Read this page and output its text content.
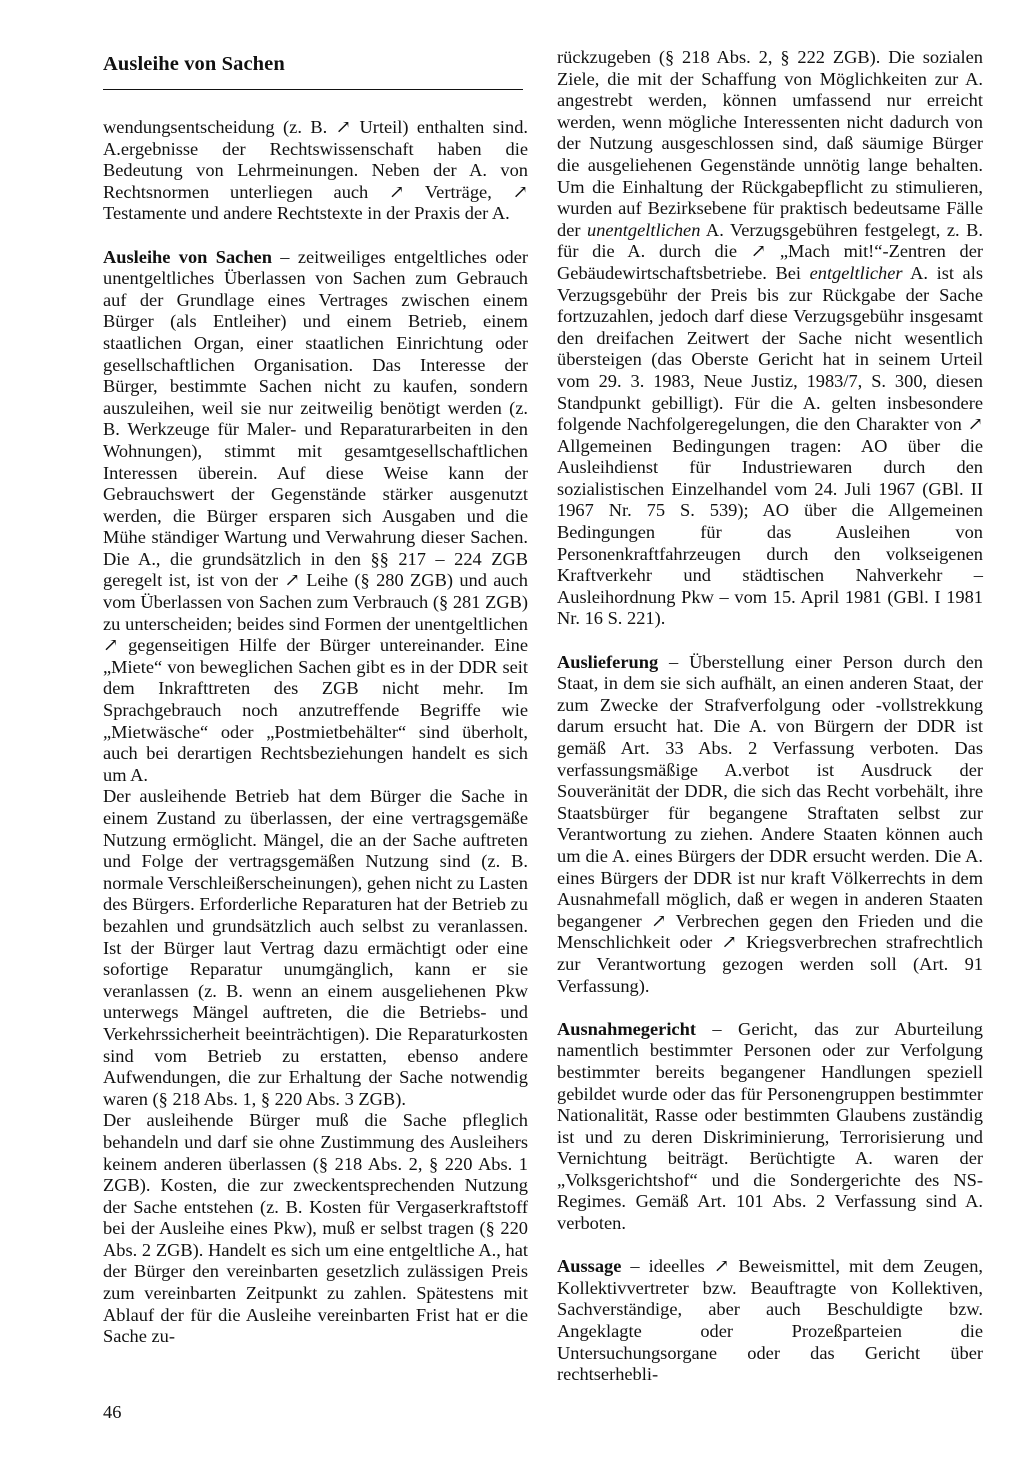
Ausleihe von Sachen

wendungsentscheidung (z. B. ↗ Urteil) enthalten sind. A.ergebnisse der Rechtswissenschaft haben die Bedeutung von Lehrmeinungen. Neben der A. von Rechtsnormen unterliegen auch ↗ Verträge, ↗ Testamente und andere Rechtstexte in der Praxis der A.

Ausleihe von Sachen – zeitweiliges entgeltliches oder unentgeltliches Überlassen von Sachen zum Gebrauch auf der Grundlage eines Vertrages zwischen einem Bürger (als Entleiher) und einem Betrieb, einem staatlichen Organ, einer staatlichen Einrichtung oder gesellschaftlichen Organisation. Das Interesse der Bürger, bestimmte Sachen nicht zu kaufen, sondern auszuleihen, weil sie nur zeitweilig benötigt werden (z. B. Werkzeuge für Maler- und Reparaturarbeiten in den Wohnungen), stimmt mit gesamtgesellschaftlichen Interessen überein. Auf diese Weise kann der Gebrauchswert der Gegenstände stärker ausgenutzt werden, die Bürger ersparen sich Ausgaben und die Mühe ständiger Wartung und Verwahrung dieser Sachen. Die A., die grundsätzlich in den §§ 217 – 224 ZGB geregelt ist, ist von der ↗ Leihe (§ 280 ZGB) und auch vom Überlassen von Sachen zum Verbrauch (§ 281 ZGB) zu unterscheiden; beides sind Formen der unentgeltlichen ↗ gegenseitigen Hilfe der Bürger untereinander. Eine „Miete“ von beweglichen Sachen gibt es in der DDR seit dem Inkrafttreten des ZGB nicht mehr. Im Sprachgebrauch noch anzutreffende Begriffe wie „Mietwäsche“ oder „Postmietbehälter“ sind überholt, auch bei derartigen Rechtsbeziehungen handelt es sich um A.

Der ausleihende Betrieb hat dem Bürger die Sache in einem Zustand zu überlassen, der eine vertragsgemäße Nutzung ermöglicht. Mängel, die an der Sache auftreten und Folge der vertragsgemäßen Nutzung sind (z. B. normale Verschleißerscheinungen), gehen nicht zu Lasten des Bürgers. Erforderliche Reparaturen hat der Betrieb zu bezahlen und grundsätzlich auch selbst zu veranlassen. Ist der Bürger laut Vertrag dazu ermächtigt oder eine sofortige Reparatur unumgänglich, kann er sie veranlassen (z. B. wenn an einem ausgeliehenen Pkw unterwegs Mängel auftreten, die die Betriebs- und Verkehrssicherheit beeinträchtigen). Die Reparaturkosten sind vom Betrieb zu erstatten, ebenso andere Aufwendungen, die zur Erhaltung der Sache notwendig waren (§ 218 Abs. 1, § 220 Abs. 3 ZGB).

Der ausleihende Bürger muß die Sache pfleglich behandeln und darf sie ohne Zustimmung des Ausleihers keinem anderen überlassen (§ 218 Abs. 2, § 220 Abs. 1 ZGB). Kosten, die zur zweckentsprechenden Nutzung der Sache entstehen (z. B. Kosten für Vergaserkraftstoff bei der Ausleihe eines Pkw), muß er selbst tragen (§ 220 Abs. 2 ZGB). Handelt es sich um eine entgeltliche A., hat der Bürger den vereinbarten gesetzlich zulässigen Preis zum vereinbarten Zeitpunkt zu zahlen. Spätestens mit Ablauf der für die Ausleihe vereinbarten Frist hat er die Sache zu-

rückzugeben (§ 218 Abs. 2, § 222 ZGB). Die sozialen Ziele, die mit der Schaffung von Möglichkeiten zur A. angestrebt werden, können umfassend nur erreicht werden, wenn mögliche Interessenten nicht dadurch von der Nutzung ausgeschlossen sind, daß säumige Bürger die ausgeliehenen Gegenstände unnötig lange behalten. Um die Einhaltung der Rückgabepflicht zu stimulieren, wurden auf Bezirksebene für praktisch bedeutsame Fälle der unentgeltlichen A. Verzugsgebühren festgelegt, z. B. für die A. durch die ↗ „Mach mit!“-Zentren der Gebäudewirtschaftsbetriebe. Bei entgeltlicher A. ist als Verzugsgebühr der Preis bis zur Rückgabe der Sache fortzuzahlen, jedoch darf diese Verzugsgebühr insgesamt den dreifachen Zeitwert der Sache nicht wesentlich übersteigen (das Oberste Gericht hat in seinem Urteil vom 29. 3. 1983, Neue Justiz, 1983/7, S. 300, diesen Standpunkt gebilligt). Für die A. gelten insbesondere folgende Nachfolgeregelungen, die den Charakter von ↗ Allgemeinen Bedingungen tragen: AO über die Ausleihdienst für Industriewaren durch den sozialistischen Einzelhandel vom 24. Juli 1967 (GBl. II 1967 Nr. 75 S. 539); AO über die Allgemeinen Bedingungen für das Ausleihen von Personenkraftfahrzeugen durch den volkseigenen Kraftverkehr und städtischen Nahverkehr – Ausleihordnung Pkw – vom 15. April 1981 (GBl. I 1981 Nr. 16 S. 221).

Auslieferung – Überstellung einer Person durch den Staat, in dem sie sich aufhält, an einen anderen Staat, der zum Zwecke der Strafverfolgung oder -vollstrekkung darum ersucht hat. Die A. von Bürgern der DDR ist gemäß Art. 33 Abs. 2 Verfassung verboten. Das verfassungsmäßige A.verbot ist Ausdruck der Souveränität der DDR, die sich das Recht vorbehält, ihre Staatsbürger für begangene Straftaten selbst zur Verantwortung zu ziehen. Andere Staaten können auch um die A. eines Bürgers der DDR ersucht werden. Die A. eines Bürgers der DDR ist nur kraft Völkerrechts in dem Ausnahmefall möglich, daß er wegen in anderen Staaten begangener ↗ Verbrechen gegen den Frieden und die Menschlichkeit oder ↗ Kriegsverbrechen strafrechtlich zur Verantwortung gezogen werden soll (Art. 91 Verfassung).

Ausnahmegericht – Gericht, das zur Aburteilung namentlich bestimmter Personen oder zur Verfolgung bestimmter bereits begangener Handlungen speziell gebildet wurde oder das für Personengruppen bestimmter Nationalität, Rasse oder bestimmten Glaubens zuständig ist und zu deren Diskriminierung, Terrorisierung und Vernichtung beiträgt. Berüchtigte A. waren der „Volksgerichtshof“ und die Sondergerichte des NS-Regimes. Gemäß Art. 101 Abs. 2 Verfassung sind A. verboten.

Aussage – ideelles ↗ Beweismittel, mit dem Zeugen, Kollektivvertreter bzw. Beauftragte von Kollektiven, Sachverständige, aber auch Beschuldigte bzw. Angeklagte oder Prozeßparteien die Untersuchungsorgane oder das Gericht über rechtserhebli-

46
